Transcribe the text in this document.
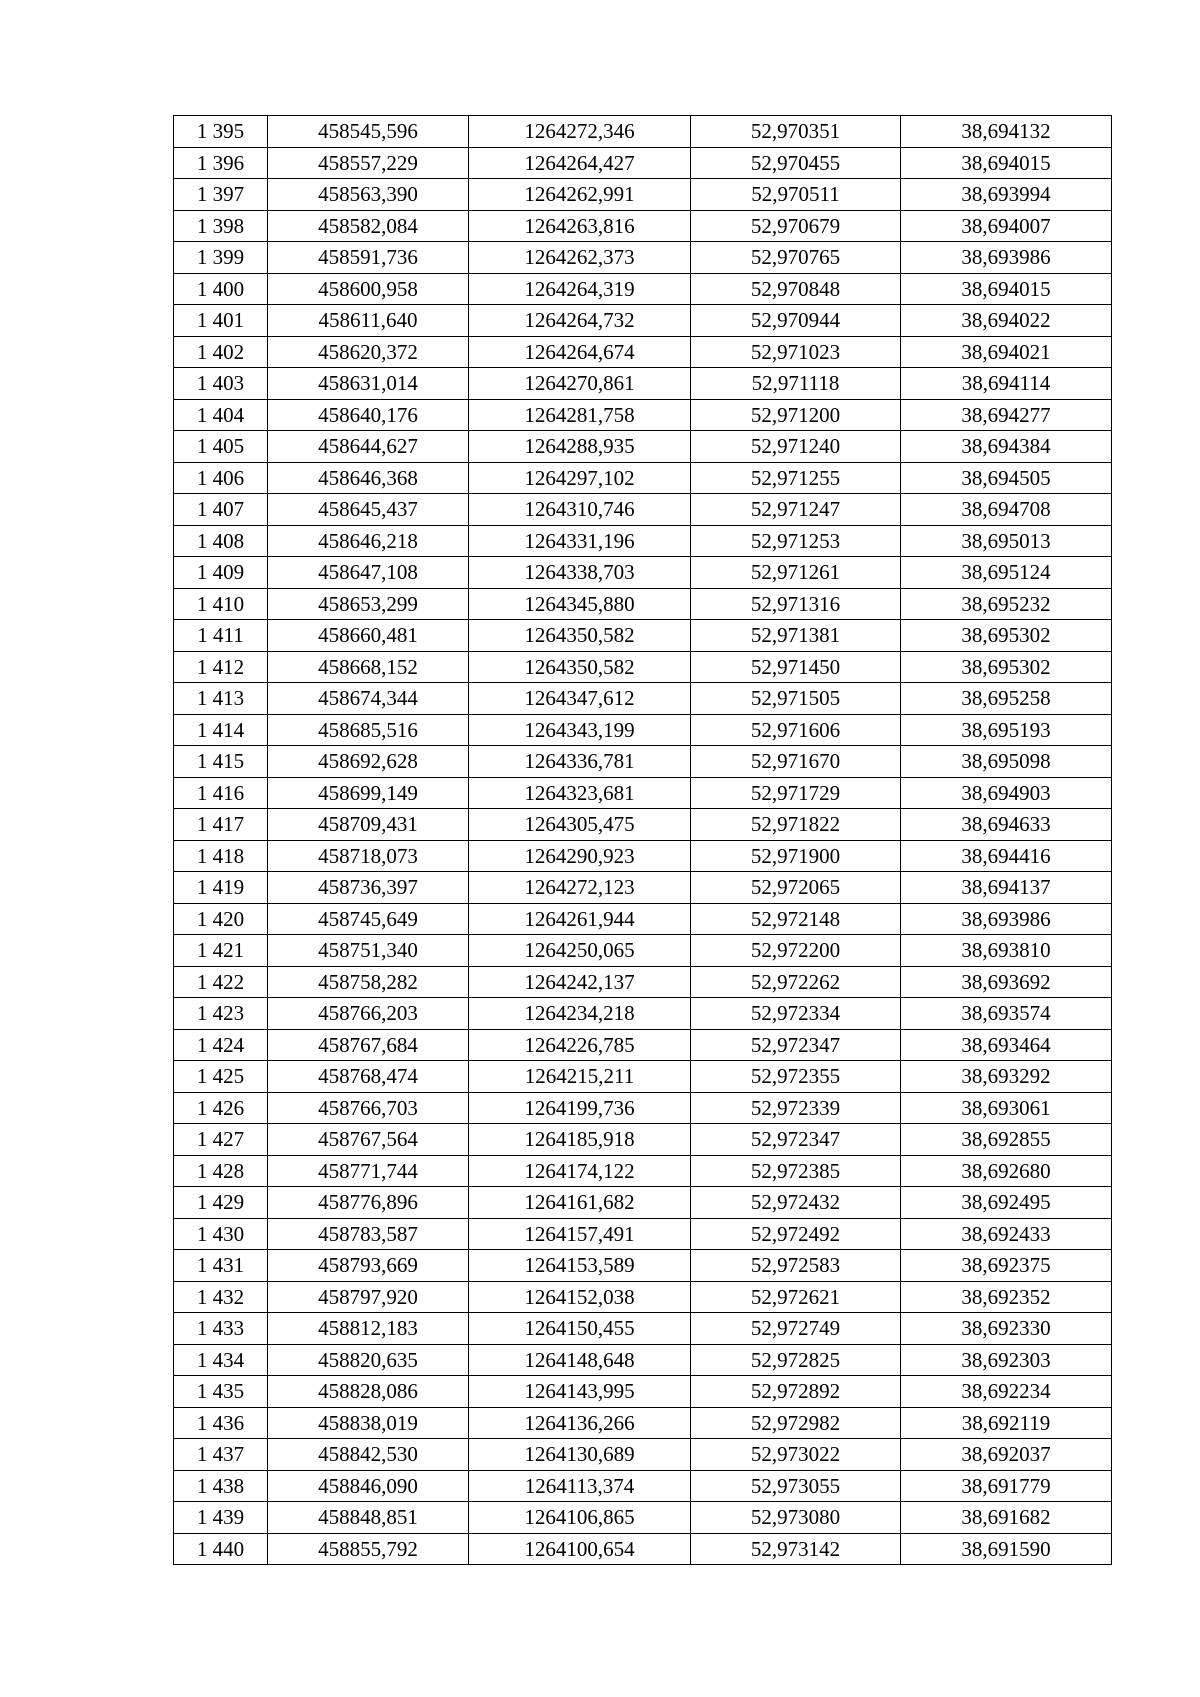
1 395	458545,596	1264272,346	52,970351	38,694132
1 396	458557,229	1264264,427	52,970455	38,694015
1 397	458563,390	1264262,991	52,970511	38,693994
1 398	458582,084	1264263,816	52,970679	38,694007
1 399	458591,736	1264262,373	52,970765	38,693986
1 400	458600,958	1264264,319	52,970848	38,694015
1 401	458611,640	1264264,732	52,970944	38,694022
1 402	458620,372	1264264,674	52,971023	38,694021
1 403	458631,014	1264270,861	52,971118	38,694114
1 404	458640,176	1264281,758	52,971200	38,694277
1 405	458644,627	1264288,935	52,971240	38,694384
1 406	458646,368	1264297,102	52,971255	38,694505
1 407	458645,437	1264310,746	52,971247	38,694708
1 408	458646,218	1264331,196	52,971253	38,695013
1 409	458647,108	1264338,703	52,971261	38,695124
1 410	458653,299	1264345,880	52,971316	38,695232
1 411	458660,481	1264350,582	52,971381	38,695302
1 412	458668,152	1264350,582	52,971450	38,695302
1 413	458674,344	1264347,612	52,971505	38,695258
1 414	458685,516	1264343,199	52,971606	38,695193
1 415	458692,628	1264336,781	52,971670	38,695098
1 416	458699,149	1264323,681	52,971729	38,694903
1 417	458709,431	1264305,475	52,971822	38,694633
1 418	458718,073	1264290,923	52,971900	38,694416
1 419	458736,397	1264272,123	52,972065	38,694137
1 420	458745,649	1264261,944	52,972148	38,693986
1 421	458751,340	1264250,065	52,972200	38,693810
1 422	458758,282	1264242,137	52,972262	38,693692
1 423	458766,203	1264234,218	52,972334	38,693574
1 424	458767,684	1264226,785	52,972347	38,693464
1 425	458768,474	1264215,211	52,972355	38,693292
1 426	458766,703	1264199,736	52,972339	38,693061
1 427	458767,564	1264185,918	52,972347	38,692855
1 428	458771,744	1264174,122	52,972385	38,692680
1 429	458776,896	1264161,682	52,972432	38,692495
1 430	458783,587	1264157,491	52,972492	38,692433
1 431	458793,669	1264153,589	52,972583	38,692375
1 432	458797,920	1264152,038	52,972621	38,692352
1 433	458812,183	1264150,455	52,972749	38,692330
1 434	458820,635	1264148,648	52,972825	38,692303
1 435	458828,086	1264143,995	52,972892	38,692234
1 436	458838,019	1264136,266	52,972982	38,692119
1 437	458842,530	1264130,689	52,973022	38,692037
1 438	458846,090	1264113,374	52,973055	38,691779
1 439	458848,851	1264106,865	52,973080	38,691682
1 440	458855,792	1264100,654	52,973142	38,691590
